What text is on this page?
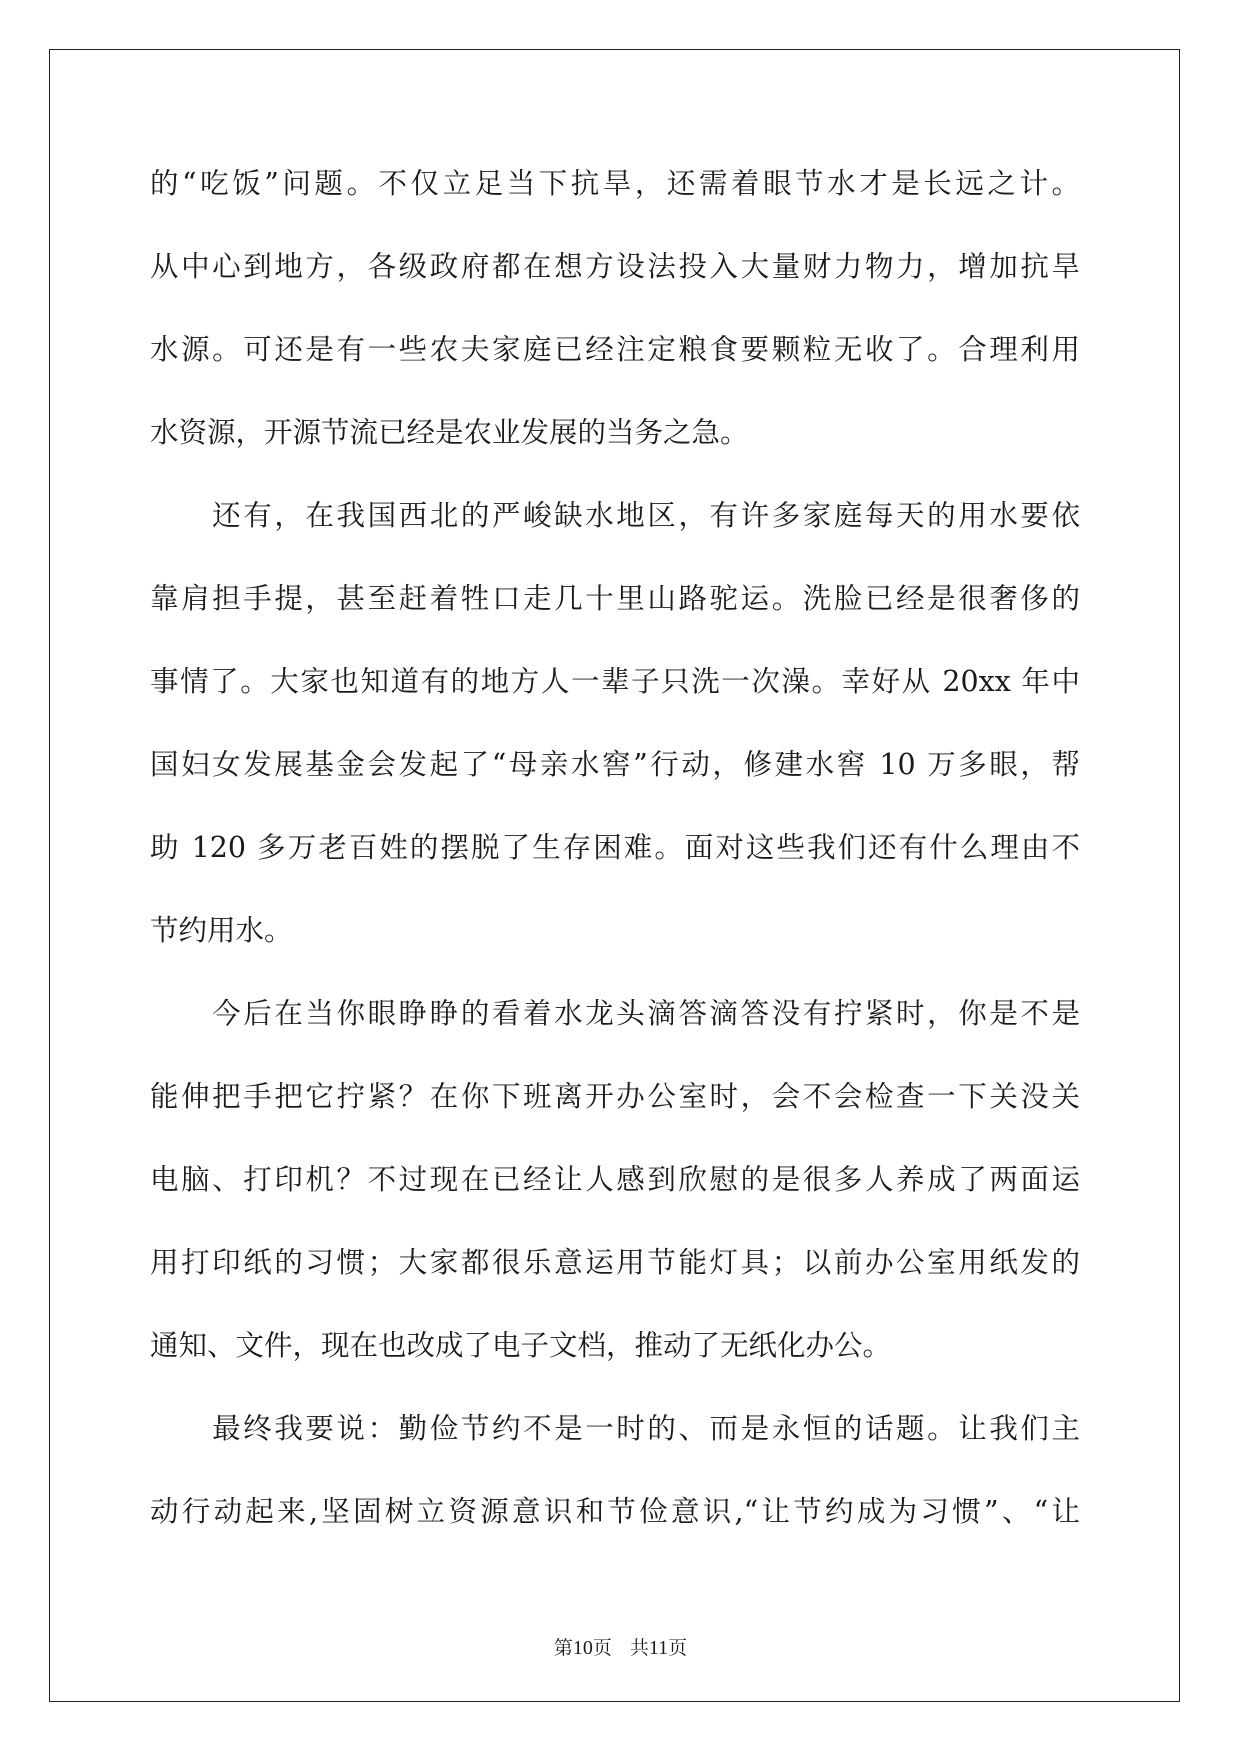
的“吃饭”问题。不仅立足当下抗旱，还需着眼节水才是长远之计。
从中心到地方，各级政府都在想方设法投入大量财力物力，增加抗旱
水源。可还是有一些农夫家庭已经注定粮食要颗粒无收了。合理利用
水资源，开源节流已经是农业发展的当务之急。
　　还有，在我国西北的严峻缺水地区，有许多家庭每天的用水要依
靠肩担手提，甚至赶着牲口走几十里山路驼运。洗脸已经是很奢侈的
事情了。大家也知道有的地方人一辈子只洗一次澡。幸好从 20xx 年中
国妇女发展基金会发起了“母亲水窖”行动，修建水窖 10 万多眼，帮
助 120 多万老百姓的摆脱了生存困难。面对这些我们还有什么理由不
节约用水。
　　今后在当你眼睁睁的看着水龙头滴答滴答没有拧紧时，你是不是
能伸把手把它拧紧？在你下班离开办公室时，会不会检查一下关没关
电脑、打印机？不过现在已经让人感到欣慰的是很多人养成了两面运
用打印纸的习惯；大家都很乐意运用节能灯具；以前办公室用纸发的
通知、文件，现在也改成了电子文档，推动了无纸化办公。
　　最终我要说：勤俭节约不是一时的、而是永恒的话题。让我们主
动行动起来,坚固树立资源意识和节俭意识,“让节约成为习惯”、“让
第10页 共11页
